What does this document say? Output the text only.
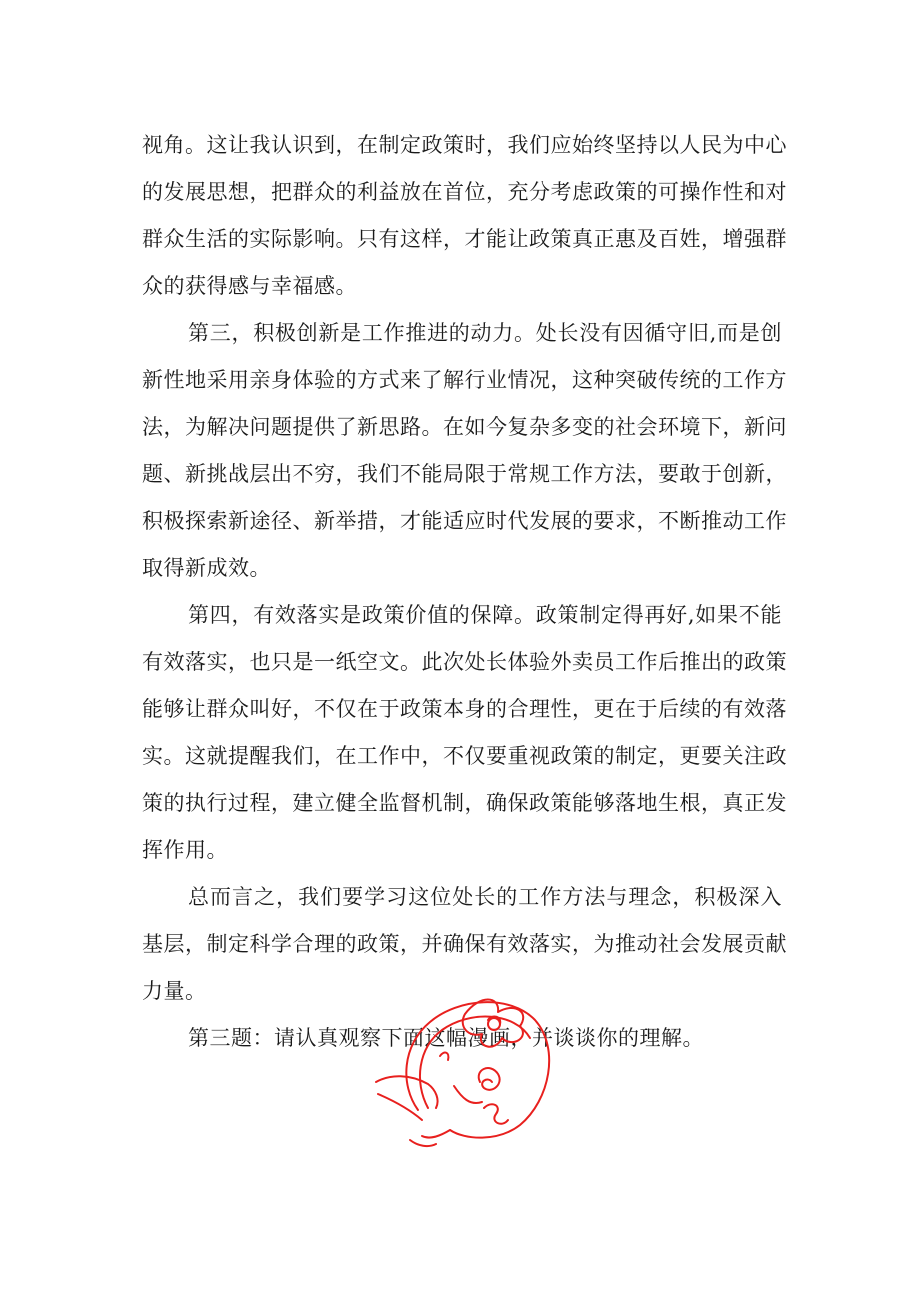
视角。这让我认识到，在制定政策时，我们应始终坚持以人民为中心
的发展思想，把群众的利益放在首位，充分考虑政策的可操作性和对
群众生活的实际影响。只有这样，才能让政策真正惠及百姓，增强群
众的获得感与幸福感。
第三，积极创新是工作推进的动力。处长没有因循守旧,而是创
新性地采用亲身体验的方式来了解行业情况，这种突破传统的工作方
法，为解决问题提供了新思路。在如今复杂多变的社会环境下，新问
题、新挑战层出不穷，我们不能局限于常规工作方法，要敢于创新，
积极探索新途径、新举措，才能适应时代发展的要求，不断推动工作
取得新成效。
第四，有效落实是政策价值的保障。政策制定得再好,如果不能
有效落实，也只是一纸空文。此次处长体验外卖员工作后推出的政策
能够让群众叫好，不仅在于政策本身的合理性，更在于后续的有效落
实。这就提醒我们，在工作中，不仅要重视政策的制定，更要关注政
策的执行过程，建立健全监督机制，确保政策能够落地生根，真正发
挥作用。
总而言之，我们要学习这位处长的工作方法与理念，积极深入
基层，制定科学合理的政策，并确保有效落实，为推动社会发展贡献
力量。
第三题：请认真观察下面这幅漫画，并谈谈你的理解。
